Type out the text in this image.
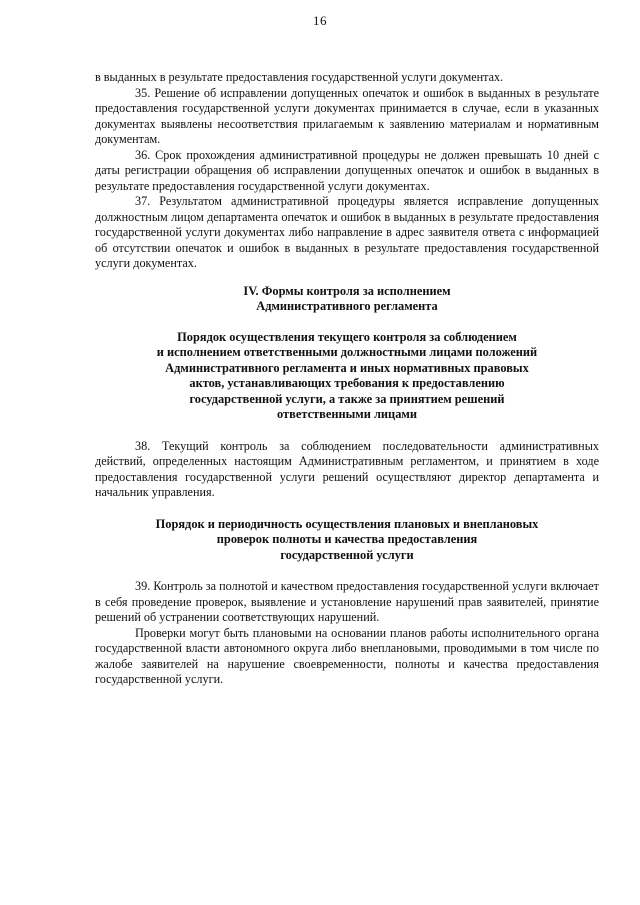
16

в выданных в результате предоставления государственной услуги документах.

35. Решение об исправлении допущенных опечаток и ошибок в выданных в результате предоставления государственной услуги документах принимается в случае, если в указанных документах выявлены несоответствия прилагаемым к заявлению материалам и нормативным документам.

36. Срок прохождения административной процедуры не должен превышать 10 дней с даты регистрации обращения об исправлении допущенных опечаток и ошибок в выданных в результате предоставления государственной услуги документах.

37. Результатом административной процедуры является исправление допущенных должностным лицом департамента опечаток и ошибок в выданных в результате предоставления государственной услуги документах либо направление в адрес заявителя ответа с информацией об отсутствии опечаток и ошибок в выданных в результате предоставления государственной услуги документах.

IV. Формы контроля за исполнением
Административного регламента
Порядок осуществления текущего контроля за соблюдением
и исполнением ответственными должностными лицами положений
Административного регламента и иных нормативных правовых
актов, устанавливающих требования к предоставлению
государственной услуги, а также за принятием решений
ответственными лицами

38. Текущий контроль за соблюдением последовательности административных действий, определенных настоящим Административным регламентом, и принятием в ходе предоставления государственной услуги решений осуществляют директор департамента и начальник управления.

Порядок и периодичность осуществления плановых и внеплановых
проверок полноты и качества предоставления
государственной услуги

39. Контроль за полнотой и качеством предоставления государственной услуги включает в себя проведение проверок, выявление и установление нарушений прав заявителей, принятие решений об устранении соответствующих нарушений.

Проверки могут быть плановыми на основании планов работы исполнительного органа государственной власти автономного округа либо внеплановыми, проводимыми в том числе по жалобе заявителей на нарушение своевременности, полноты и качества предоставления государственной услуги.
